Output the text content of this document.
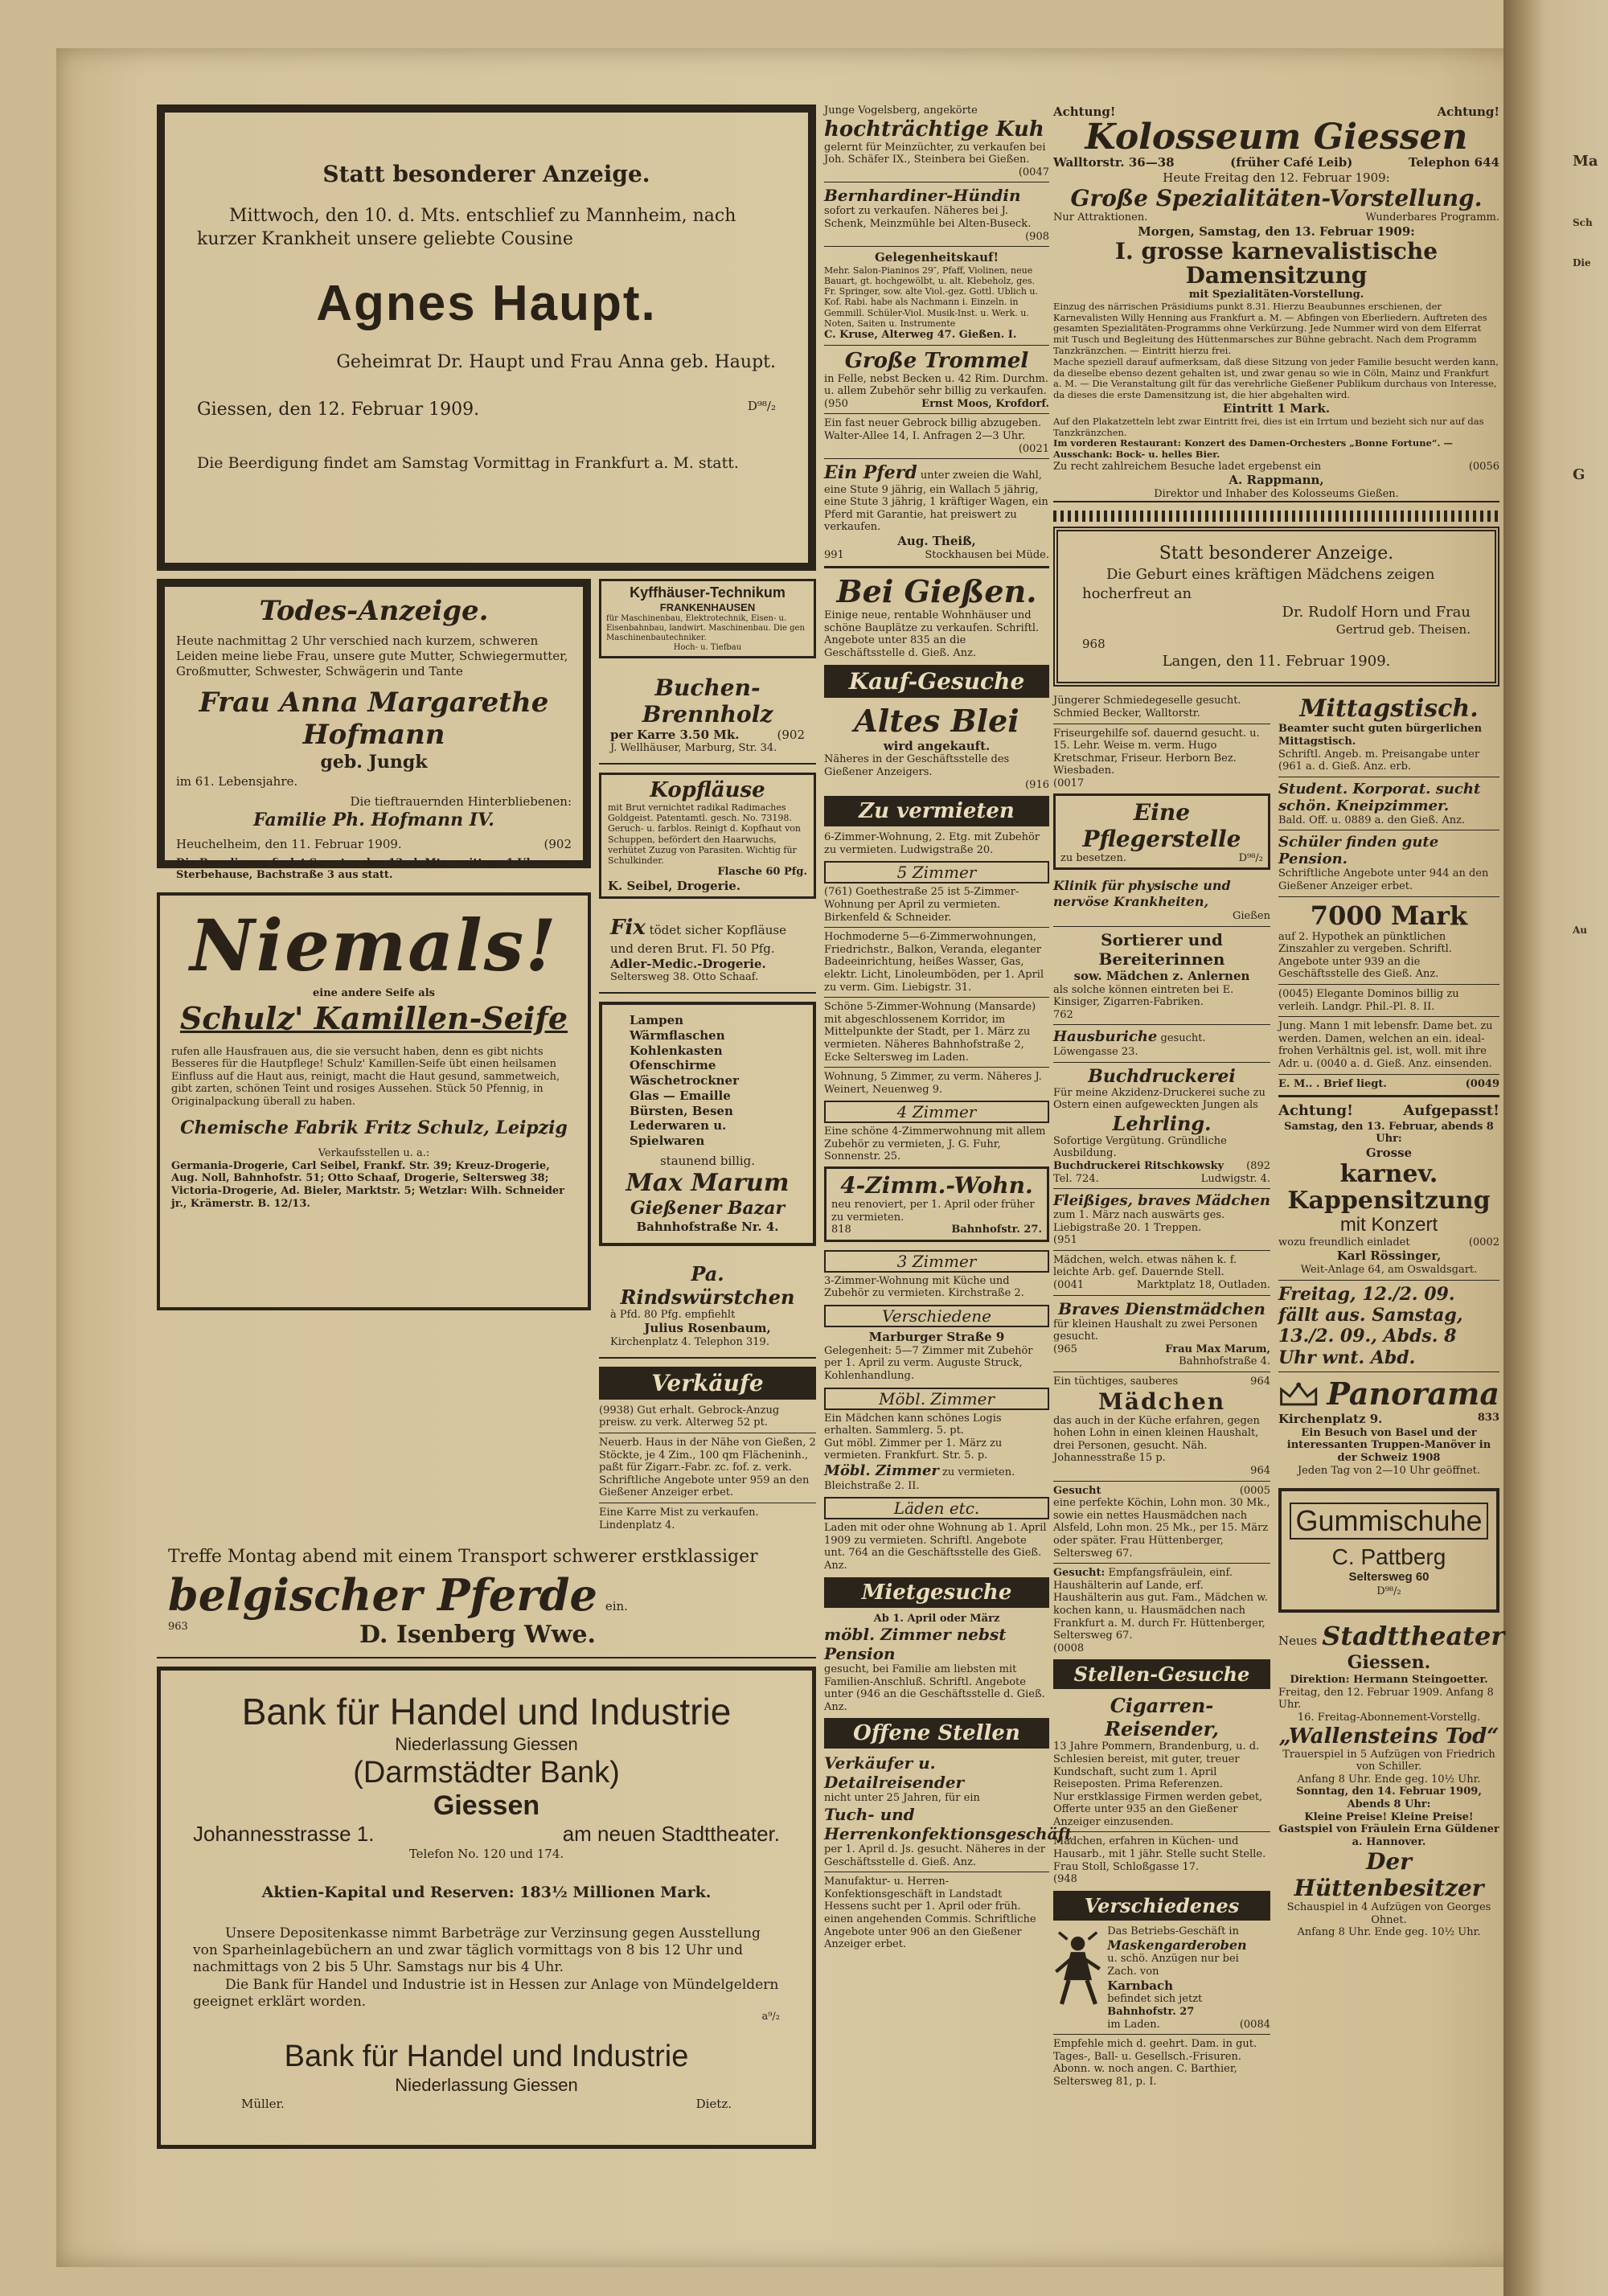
Ma
Sch
Die
G
Au
Statt besonderer Anzeige.
Mittwoch, den 10. d. Mts. entschlief zu Mannheim, nach kurzer Krankheit unsere geliebte Cousine
Agnes Haupt.
Geheimrat Dr. Haupt und Frau Anna geb. Haupt.
Giessen, den 12. Februar 1909.	D⁹⁸/₂
Die Beerdigung findet am Samstag Vormittag in Frankfurt a. M. statt.
Todes-Anzeige.
Heute nachmittag 2 Uhr verschied nach kurzem, schweren Leiden meine liebe Frau, unsere gute Mutter, Schwiegermutter, Großmutter, Schwester, Schwägerin und Tante
Frau Anna Margarethe Hofmann
geb. Jungk
im 61. Lebensjahre.
Die tieftrauernden Hinterbliebenen:
Familie Ph. Hofmann IV.
Heuchelheim, den 11. Februar 1909.	(902
Die Beerdigung findet Samstag den 13. d. Mts., mittags 1 Uhr vom Sterbehause, Bachstraße 3 aus statt.
Niemals!
eine andere Seife als
Schulz' Kamillen-Seife
rufen alle Hausfrauen aus, die sie versucht haben, denn es gibt nichts Besseres für die Hautpflege! Schulz' Kamillen-Seife übt einen heilsamen Einfluss auf die Haut aus, reinigt, macht die Haut gesund, sammetweich, gibt zarten, schönen Teint und rosiges Aussehen. Stück 50 Pfennig, in Originalpackung überall zu haben.
Chemische Fabrik Fritz Schulz, Leipzig
Verkaufsstellen u. a.:
Germania-Drogerie, Carl Seibel, Frankf. Str. 39; Kreuz-Drogerie, Aug. Noll, Bahnhofstr. 51; Otto Schaaf, Drogerie, Seltersweg 38; Victoria-Drogerie, Ad. Bieler, Marktstr. 5; Wetzlar: Wilh. Schneider jr., Krämerstr. B. 12/13.
Kyffhäuser-Technikum
FRANKENHAUSEN
für Maschinenbau, Elektrotechnik, Eisen- u. Eisenbahnbau, landwirt. Maschinenbau. Die gen Maschinenbautechniker.
Hoch- u. Tiefbau
Buchen-Brennholz
per Karre 3.50 Mk.	(902
J. Wellhäuser, Marburg, Str. 34.
Kopfläuse
mit Brut vernichtet radikal Radimaches Goldgeist. Patentamtl. gesch. No. 73198. Geruch- u. farblos. Reinigt d. Kopfhaut von Schuppen, befördert den Haarwuchs, verhütet Zuzug von Parasiten. Wichtig für Schulkinder.
Flasche 60 Pfg.
K. Seibel, Drogerie.
Fix tödet sicher Kopfläuse und deren Brut. Fl. 50 Pfg.
Adler-Medic.-Drogerie.
Seltersweg 38. Otto Schaaf.
Lampen
Wärmflaschen
Kohlenkasten
Ofenschirme
Wäschetrockner
Glas — Emaille
Bürsten, Besen
Lederwaren u.
Spielwaren
staunend billig.
Max Marum
Gießener Bazar
Bahnhofstraße Nr. 4.
Pa. Rindswürstchen
à Pfd. 80 Pfg. empfiehlt
Julius Rosenbaum,
Kirchenplatz 4. Telephon 319.
Verkäufe
(9938) Gut erhalt. Gebrock-Anzug preisw. zu verk. Alterweg 52 pt.
Neuerb. Haus in der Nähe von Gießen, 2 Stöckte, je 4 Zim., 100 qm Flächeninh., paßt für Zigarr.-Fabr. zc. fof. z. verk. Schriftliche Angebote unter 959 an den Gießener Anzeiger erbet.
Eine Karre Mist zu verkaufen. Lindenplatz 4.
Treffe Montag abend mit einem Transport schwerer erstklassiger
belgischer Pferde ein.
963	D. Isenberg Wwe.
Bank für Handel und Industrie
Niederlassung Giessen
(Darmstädter Bank)
Giessen
Johannesstrasse 1.	am neuen Stadttheater.
Telefon No. 120 und 174.
Aktien-Kapital und Reserven: 183½ Millionen Mark.
Unsere Depositenkasse nimmt Barbeträge zur Verzinsung gegen Ausstellung von Sparheinlagebüchern an und zwar täglich vormittags von 8 bis 12 Uhr und nachmittags von 2 bis 5 Uhr. Samstags nur bis 4 Uhr.
Die Bank für Handel und Industrie ist in Hessen zur Anlage von Mündelgeldern geeignet erklärt worden.
a⁹/₂
Bank für Handel und Industrie
Niederlassung Giessen
Müller.	Dietz.
Junge Vogelsberg, angekörte
hochträchtige Kuh
gelernt für Meinzüchter, zu verkaufen bei Joh. Schäfer IX., Steinbera bei Gießen.
(0047
Bernhardiner-Hündin
sofort zu verkaufen. Näheres bei J. Schenk, Meinzmühle bei Alten-Buseck.
(908
Gelegenheitskauf!
Mehr. Salon-Pianinos 29″, Pfaff, Violinen, neue Bauart, gt. hochgewölbt, u. alt. Klebeholz, ges. Fr. Springer, sow. alte Viol.-gez. Gottl. Ublich u. Kof. Rabi. habe als Nachmann i. Einzeln. in Gemmill. Schüler-Viol. Musik-Inst. u. Werk. u. Noten, Saiten u. Instrumente
C. Kruse, Alterweg 47. Gießen. I.
Große Trommel
in Felle, nebst Becken u. 42 Rim. Durchm. u. allem Zubehör sehr billig zu verkaufen.
(950	Ernst Moos, Krofdorf.
Ein fast neuer Gebrock billig abzugeben. Walter-Allee 14, I. Anfragen 2—3 Uhr.
(0021
Ein Pferd unter zweien die Wahl, eine Stute 9 jährig, ein Wallach 5 jährig, eine Stute 3 jährig, 1 kräftiger Wagen, ein Pferd mit Garantie, hat preiswert zu verkaufen.
Aug. Theiß,
991	Stockhausen bei Müde.
Bei Gießen.
Einige neue, rentable Wohnhäuser und schöne Bauplätze zu verkaufen. Schriftl. Angebote unter 835 an die Geschäftsstelle d. Gieß. Anz.
Kauf-Gesuche
Altes Blei
wird angekauft.
Näheres in der Geschäftsstelle des Gießener Anzeigers.
(916
Zu vermieten
6-Zimmer-Wohnung, 2. Etg. mit Zubehör zu vermieten. Ludwigstraße 20.
5 Zimmer
(761) Goethestraße 25 ist 5-Zimmer-Wohnung per April zu vermieten. Birkenfeld & Schneider.
Hochmoderne 5—6-Zimmerwohnungen, Friedrichstr., Balkon, Veranda, eleganter Badeeinrichtung, heißes Wasser, Gas, elektr. Licht, Linoleumböden, per 1. April zu verm. Gim. Liebigstr. 31.
Schöne 5-Zimmer-Wohnung (Mansarde) mit abgeschlossenem Korridor, im Mittelpunkte der Stadt, per 1. März zu vermieten. Näheres Bahnhofstraße 2, Ecke Seltersweg im Laden.
Wohnung, 5 Zimmer, zu verm. Näheres J. Weinert, Neuenweg 9.
4 Zimmer
Eine schöne 4-Zimmerwohnung mit allem Zubehör zu vermieten, J. G. Fuhr, Sonnenstr. 25.
4-Zimm.-Wohn.
neu renoviert, per 1. April oder früher zu vermieten.
818	Bahnhofstr. 27.
3 Zimmer
3-Zimmer-Wohnung mit Küche und Zubehör zu vermieten. Kirchstraße 2.
Verschiedene
Marburger Straße 9
Gelegenheit: 5—7 Zimmer mit Zubehör per 1. April zu verm. Auguste Struck, Kohlenhandlung.
Möbl. Zimmer
Ein Mädchen kann schönes Logis erhalten. Sammlerg. 5. pt.
Gut möbl. Zimmer per 1. März zu vermieten. Frankfurt. Str. 5. p.
Möbl. Zimmer zu vermieten. Bleichstraße 2. II.
Läden etc.
Laden mit oder ohne Wohnung ab 1. April 1909 zu vermieten. Schriftl. Angebote unt. 764 an die Geschäftsstelle des Gieß. Anz.
Mietgesuche
Ab 1. April oder März
möbl. Zimmer nebst Pension
gesucht, bei Familie am liebsten mit Familien-Anschluß. Schriftl. Angebote unter (946 an die Geschäftsstelle d. Gieß. Anz.
Offene Stellen
Verkäufer u. Detailreisender
nicht unter 25 Jahren, für ein
Tuch- und Herrenkonfektionsgeschäft
per 1. April d. Js. gesucht. Näheres in der Geschäftsstelle d. Gieß. Anz.
Manufaktur- u. Herren-Konfektionsgeschäft in Landstadt Hessens sucht per 1. April oder früh. einen angehenden Commis. Schriftliche Angebote unter 906 an den Gießener Anzeiger erbet.
Achtung!	Achtung!
Kolosseum Giessen
Walltorstr. 36—38	(früher Café Leib)	Telephon 644
Heute Freitag den 12. Februar 1909:
Große Spezialitäten-Vorstellung.
Nur Attraktionen.	Wunderbares Programm.
Morgen, Samstag, den 13. Februar 1909:
I. grosse karnevalistische Damensitzung
mit Spezialitäten-Vorstellung.
Einzug des närrischen Präsidiums punkt 8.31. Hierzu Beaubunnes erschienen, der Karnevalisten Willy Henning aus Frankfurt a. M. — Abfingen von Eberliedern. Auftreten des gesamten Spezialitäten-Programms ohne Verkürzung. Jede Nummer wird von dem Elferrat mit Tusch und Begleitung des Hüttenmarsches zur Bühne gebracht. Nach dem Programm Tanzkränzchen. — Eintritt hierzu frei.
Mache speziell darauf aufmerksam, daß diese Sitzung von jeder Familie besucht werden kann, da dieselbe ebenso dezent gehalten ist, und zwar genau so wie in Cöln, Mainz und Frankfurt a. M. — Die Veranstaltung gilt für das verehrliche Gießener Publikum durchaus von Interesse, da dieses die erste Damensitzung ist, die hier abgehalten wird.
Eintritt 1 Mark.
Auf den Plakatzetteln lebt zwar Eintritt frei, dies ist ein Irrtum und bezieht sich nur auf das Tanzkränzchen.
Im vorderen Restaurant: Konzert des Damen-Orchesters „Bonne Fortune“. — Ausschank: Bock- u. helles Bier.
Zu recht zahlreichem Besuche ladet ergebenst ein	(0056
A. Rappmann,
Direktor und Inhaber des Kolosseums Gießen.
Statt besonderer Anzeige.
Die Geburt eines kräftigen Mädchens zeigen hocherfreut an
Dr. Rudolf Horn und Frau
Gertrud geb. Theisen.
968
Langen, den 11. Februar 1909.
Jüngerer Schmiedegeselle gesucht. Schmied Becker, Walltorstr.
Friseurgehilfe sof. dauernd gesucht. u. 15. Lehr. Weise m. verm. Hugo Kretschmar, Friseur. Herborn Bez. Wiesbaden.
(0017
Eine Pflegerstelle
zu besetzen.	D⁹⁸/₂
Klinik für physische und nervöse Krankheiten,
Gießen
Sortierer und Bereiterinnen
sow. Mädchen z. Anlernen
als solche können eintreten bei E. Kinsiger, Zigarren-Fabriken.
762
Hausburiche gesucht. Löwengasse 23.
Buchdruckerei
Für meine Akzidenz-Druckerei suche zu Ostern einen aufgeweckten Jungen als
Lehrling.
Sofortige Vergütung. Gründliche Ausbildung.
Buchdruckerei Ritschkowsky (892
Tel. 724.	Ludwigstr. 4.
Fleißiges, braves Mädchen
zum 1. März nach auswärts ges. Liebigstraße 20. 1 Treppen.
(951
Mädchen, welch. etwas nähen k. f. leichte Arb. gef. Dauernde Stell.
(0041	Marktplatz 18, Outladen.
Braves Dienstmädchen
für kleinen Haushalt zu zwei Personen gesucht.
(965	Frau Max Marum,
Bahnhofstraße 4.
Ein tüchtiges, sauberes	964
Mädchen
das auch in der Küche erfahren, gegen hohen Lohn in einen kleinen Haushalt, drei Personen, gesucht. Näh. Johannesstraße 15 p.
964
Gesucht	(0005
eine perfekte Köchin, Lohn mon. 30 Mk., sowie ein nettes Hausmädchen nach Alsfeld, Lohn mon. 25 Mk., per 15. März oder später. Frau Hüttenberger, Seltersweg 67.
Gesucht: Empfangsfräulein, einf. Haushälterin auf Lande, erf. Haushälterin aus gut. Fam., Mädchen w. kochen kann, u. Hausmädchen nach Frankfurt a. M. durch Fr. Hüttenberger, Seltersweg 67.
(0008
Stellen-Gesuche
Cigarren-Reisender,
13 Jahre Pommern, Brandenburg, u. d. Schlesien bereist, mit guter, treuer Kundschaft, sucht zum 1. April Reiseposten. Prima Referenzen.
Nur erstklassige Firmen werden gebet, Offerte unter 935 an den Gießener Anzeiger einzusenden.
Mädchen, erfahren in Küchen- und Hausarb., mit 1 jähr. Stelle sucht Stelle. Frau Stoll, Schloßgasse 17.
(948
Verschiedenes
Das Betriebs-Geschäft in
Maskengarderoben
u. schö. Anzügen nur bei Zach. von
Karnbach
befindet sich jetzt
Bahnhofstr. 27
im Laden.	(0084
Empfehle mich d. geehrt. Dam. in gut. Tages-, Ball- u. Gesellsch.-Frisuren. Abonn. w. noch angen. C. Barthier, Seltersweg 81, p. I.
Mittagstisch.
Beamter sucht guten bürgerlichen Mittagstisch.
Schriftl. Angeb. m. Preisangabe unter (961 a. d. Gieß. Anz. erb.
Student. Korporat. sucht schön. Kneipzimmer.
Bald. Off. u. 0889 a. den Gieß. Anz.
Schüler finden gute Pension.
Schriftliche Angebote unter 944 an den Gießener Anzeiger erbet.
7000 Mark
auf 2. Hypothek an pünktlichen Zinszahler zu vergeben. Schriftl. Angebote unter 939 an die Geschäftsstelle des Gieß. Anz.
(0045) Elegante Dominos billig zu verleih. Landgr. Phil.-Pl. 8. II.
Jung. Mann 1 mit lebensfr. Dame bet. zu werden. Damen, welchen an ein. ideal-frohen Verhältnis gel. ist, woll. mit ihre Adr. u. (0040 a. d. Gieß. Anz. einsenden.
E. M.. . Brief liegt.	(0049
Achtung!	Aufgepasst!
Samstag, den 13. Februar, abends 8 Uhr:
Grosse
karnev. Kappensitzung
mit Konzert
wozu freundlich einladet	(0002
Karl Rössinger,
Weit-Anlage 64, am Oswaldsgart.
Freitag, 12./2. 09. fällt aus. Samstag, 13./2. 09., Abds. 8 Uhr wnt. Abd.
Panorama
Kirchenplatz 9.	833
Ein Besuch von Basel und der interessanten Truppen-Manöver in der Schweiz 1908
Jeden Tag von 2—10 Uhr geöffnet.
Gummischuhe
C. Pattberg
Seltersweg 60
D⁹⁸/₂
Neues Stadttheater
Giessen.
Direktion: Hermann Steingoetter.
Freitag, den 12. Februar 1909. Anfang 8 Uhr.
16. Freitag-Abonnement-Vorstellg.
„Wallensteins Tod“
Trauerspiel in 5 Aufzügen von Friedrich von Schiller.
Anfang 8 Uhr. Ende geg. 10½ Uhr.
Sonntag, den 14. Februar 1909, Abends 8 Uhr:
Kleine Preise! Kleine Preise!
Gastspiel von Fräulein Erna Güldener a. Hannover.
Der Hüttenbesitzer
Schauspiel in 4 Aufzügen von Georges Ohnet.
Anfang 8 Uhr. Ende geg. 10½ Uhr.
